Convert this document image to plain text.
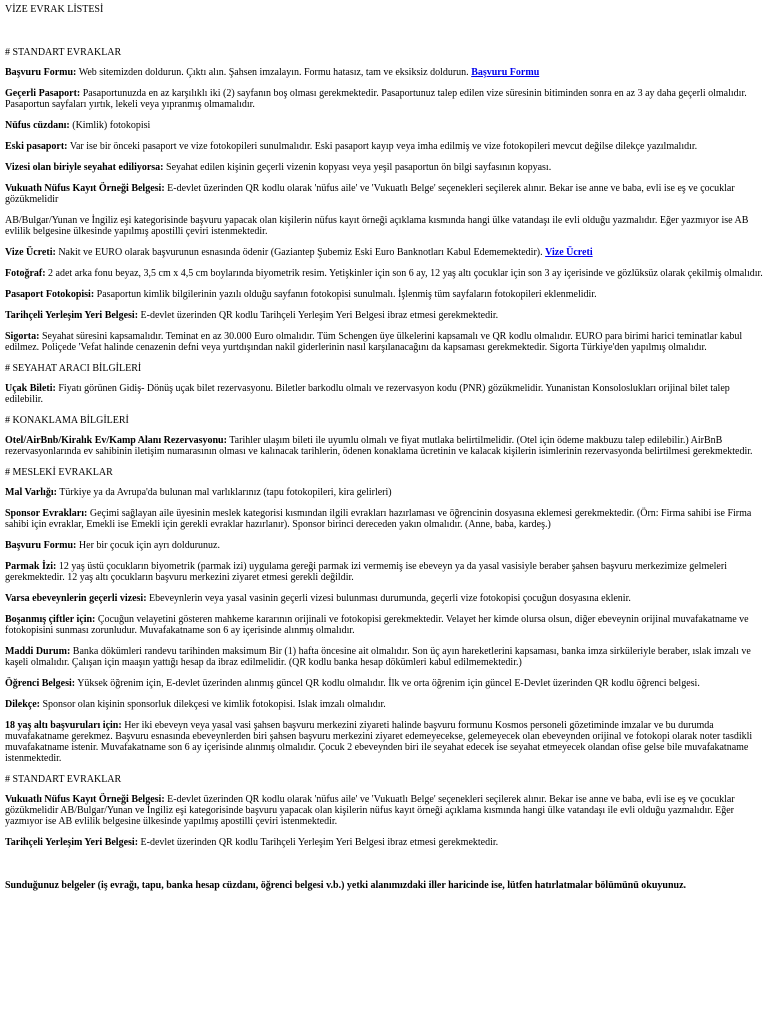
VİZE EVRAK LİSTESİ
# STANDART EVRAKLAR

Başvuru Formu: Web sitemizden doldurun. Çıktı alın. Şahsen imzalayın. Formu hatasız, tam ve eksiksiz doldurun. Başvuru Formu

Geçerli Pasaport: Pasaportunuzda en az karşılıklı iki (2) sayfanın boş olması gerekmektedir. Pasaportunuz talep edilen vize süresinin bitiminden sonra en az 3 ay daha geçerli olmalıdır. Pasaportun sayfaları yırtık, lekeli veya yıpranmış olmamalıdır.

Nüfus cüzdanı: (Kimlik) fotokopisi

Eski pasaport: Var ise bir önceki pasaport ve vize fotokopileri sunulmalıdır. Eski pasaport kayıp veya imha edilmiş ve vize fotokopileri mevcut değilse dilekçe yazılmalıdır.

Vizesi olan biriyle seyahat ediliyorsa: Seyahat edilen kişinin geçerli vizenin kopyası veya yeşil pasaportun ön bilgi sayfasının kopyası.

Vukuath Nüfus Kayıt Örneği Belgesi: E-devlet üzerinden QR kodlu olarak 'nüfus aile' ve 'Vukuatlı Belge' seçenekleri seçilerek alınır. Bekar ise anne ve baba, evli ise eş ve çocuklar gözükmelidir

AB/Bulgar/Yunan ve İngiliz eşi kategorisinde başvuru yapacak olan kişilerin nüfus kayıt örneği açıklama kısmında hangi ülke vatandaşı ile evli olduğu yazmalıdır. Eğer yazmıyor ise AB evlilik belgesine ülkesinde yapılmış apostilli çeviri istenmektedir.

Vize Ücreti: Nakit ve EURO olarak başvurunun esnasında ödenir (Gaziantep Şubemiz Eski Euro Banknotları Kabul Edememektedir). Vize Ücreti

Fotoğraf: 2 adet arka fonu beyaz, 3,5 cm x 4,5 cm boylarında biyometrik resim. Yetişkinler için son 6 ay, 12 yaş altı çocuklar için son 3 ay içerisinde ve gözlüksüz olarak çekilmiş olmalıdır.

Pasaport Fotokopisi: Pasaportun kimlik bilgilerinin yazılı olduğu sayfanın fotokopisi sunulmalı. İşlenmiş tüm sayfaların fotokopileri eklenmelidir.

Tarihçeli Yerleşim Yeri Belgesi: E-devlet üzerinden QR kodlu Tarihçeli Yerleşim Yeri Belgesi ibraz etmesi gerekmektedir.

Sigorta: Seyahat süresini kapsamalıdır. Teminat en az 30.000 Euro olmalıdır. Tüm Schengen üye ülkelerini kapsamalı ve QR kodlu olmalıdır. EURO para birimi harici teminatlar kabul edilmez. Poliçede 'Vefat halinde cenazenin defni veya yurtdışından nakil giderlerinin nasıl karşılanacağını da kapsaması gerekmektedir. Sigorta Türkiye'den yapılmış olmalıdır.

# SEYAHAT ARACI BİLGİLERİ

Uçak Bileti: Fiyatı görünen Gidiş- Dönüş uçak bilet rezervasyonu. Biletler barkodlu olmalı ve rezervasyon kodu (PNR) gözükmelidir. Yunanistan Konsoloslukları orijinal bilet talep edilebilir.

# KONAKLAMA BİLGİLERİ

Otel/AirBnb/Kiralık Ev/Kamp Alanı Rezervasyonu: Tarihler ulaşım bileti ile uyumlu olmalı ve fiyat mutlaka belirtilmelidir. (Otel için ödeme makbuzu talep edilebilir.) AirBnB rezervasyonlarında ev sahibinin iletişim numarasının olması ve kalınacak tarihlerin, ödenen konaklama ücretinin ve kalacak kişilerin isimlerinin rezervasyonda belirtilmesi gerekmektedir.

# MESLEKİ EVRAKLAR

Mal Varlığı: Türkiye ya da Avrupa'da bulunan mal varlıklarınız (tapu fotokopileri, kira gelirleri)

Sponsor Evrakları: Geçimi sağlayan aile üyesinin meslek kategorisi kısmından ilgili evrakları hazırlaması ve öğrencinin dosyasına eklemesi gerekmektedir. (Örn: Firma sahibi ise Firma sahibi için evraklar, Emekli ise Emekli için gerekli evraklar hazırlanır). Sponsor birinci dereceden yakın olmalıdır. (Anne, baba, kardeş.)

Başvuru Formu: Her bir çocuk için ayrı doldurunuz.

Parmak İzi: 12 yaş üstü çocukların biyometrik (parmak izi) uygulama gereği parmak izi vermemiş ise ebeveyn ya da yasal vasisiyle beraber şahsen başvuru merkezimize gelmeleri gerekmektedir. 12 yaş altı çocukların başvuru merkezini ziyaret etmesi gerekli değildir.

Varsa ebeveynlerin geçerli vizesi: Ebeveynlerin veya yasal vasinin geçerli vizesi bulunması durumunda, geçerli vize fotokopisi çocuğun dosyasına eklenir.

Boşanmış çiftler için: Çocuğun velayetini gösteren mahkeme kararının orijinali ve fotokopisi gerekmektedir. Velayet her kimde olursa olsun, diğer ebeveynin orijinal muvafakatname ve fotokopisini sunması zorunludur. Muvafakatname son 6 ay içerisinde alınmış olmalıdır.

Maddi Durum: Banka dökümleri randevu tarihinden maksimum Bir (1) hafta öncesine ait olmalıdır. Son üç ayın hareketlerini kapsaması, banka imza sirküleriyle beraber, ıslak imzalı ve kaşeli olmalıdır. Çalışan için maaşın yattığı hesap da ibraz edilmelidir. (QR kodlu banka hesap dökümleri kabul edilmemektedir.)

Öğrenci Belgesi: Yüksek öğrenim için, E-devlet üzerinden alınmış güncel QR kodlu olmalıdır. İlk ve orta öğrenim için güncel E-Devlet üzerinden QR kodlu öğrenci belgesi.

Dilekçe: Sponsor olan kişinin sponsorluk dilekçesi ve kimlik fotokopisi. Islak imzalı olmalıdır.

18 yaş altı başvuruları için: Her iki ebeveyn veya yasal vasi şahsen başvuru merkezini ziyareti halinde başvuru formunu Kosmos personeli gözetiminde imzalar ve bu durumda muvafakatname gerekmez. Başvuru esnasında ebeveynlerden biri şahsen başvuru merkezini ziyaret edemeyecekse, gelemeyecek olan ebeveynden orijinal ve fotokopi olarak noter tasdikli muvafakatname istenir. Muvafakatname son 6 ay içerisinde alınmış olmalıdır. Çocuk 2 ebeveynden biri ile seyahat edecek ise seyahat etmeyecek olandan ofise gelse bile muvafakatname istenmektedir.

# STANDART EVRAKLAR

Vukuatlı Nüfus Kayıt Örneği Belgesi: E-devlet üzerinden QR kodlu olarak 'nüfus aile' ve 'Vukuatlı Belge' seçenekleri seçilerek alınır. Bekar ise anne ve baba, evli ise eş ve çocuklar gözükmelidir AB/Bulgar/Yunan ve İngiliz eşi kategorisinde başvuru yapacak olan kişilerin nüfus kayıt örneği açıklama kısmında hangi ülke vatandaşı ile evli olduğu yazmalıdır. Eğer yazmıyor ise AB evlilik belgesine ülkesinde yapılmış apostilli çeviri istenmektedir.

Tarihçeli Yerleşim Yeri Belgesi: E-devlet üzerinden QR kodlu Tarihçeli Yerleşim Yeri Belgesi ibraz etmesi gerekmektedir.

Sunduğunuz belgeler (iş evrağı, tapu, banka hesap cüzdanı, öğrenci belgesi v.b.) yetki alanımızdaki iller haricinde ise, lütfen hatırlatmalar bölümünü okuyunuz.
